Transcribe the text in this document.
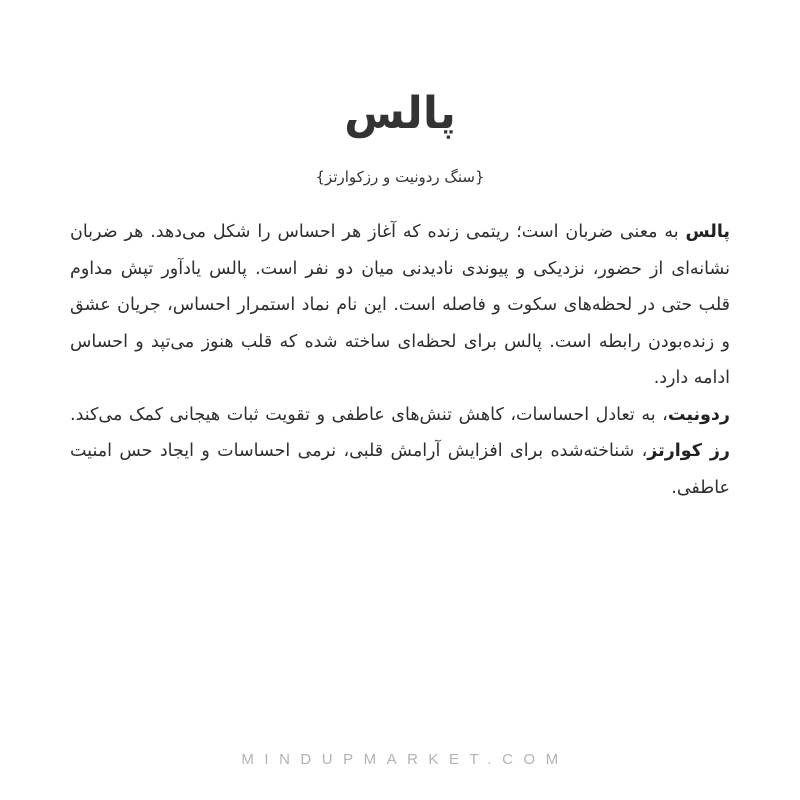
پالس
{سنگ ردونیت و رزکوارتز}

پالس به معنی ضربان است؛ ریتمی زنده که آغاز هر احساس را شکل می‌دهد. هر ضربان نشانه‌ای از حضور، نزدیکی و پیوندی نادیدنی میان دو نفر است. پالس یادآور تپش مداوم قلب حتی در لحظه‌های سکوت و فاصله است. این نام نماد استمرار احساس، جریان عشق و زنده‌بودن رابطه است. پالس برای لحظه‌ای ساخته شده که قلب هنوز می‌تپد و احساس ادامه دارد.

ردونیت، به تعادل احساسات، کاهش تنش‌های عاطفی و تقویت ثبات هیجانی کمک می‌کند. رز کوارتز، شناخته‌شده برای افزایش آرامش قلبی، نرمی احساسات و ایجاد حس امنیت عاطفی.

MINDUPMARKET.COM
